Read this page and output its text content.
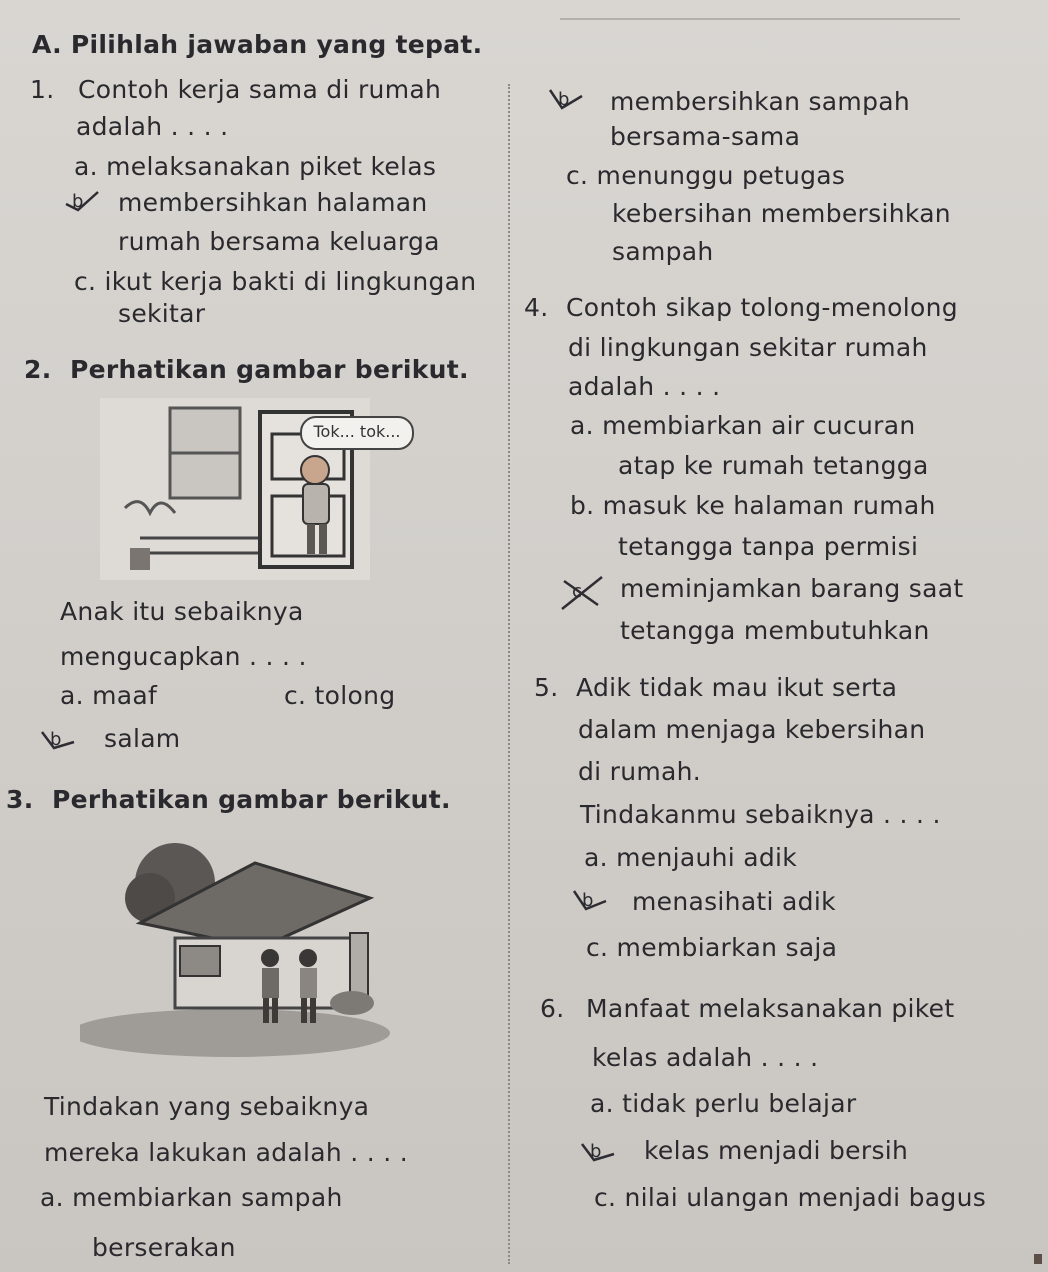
A. Pilihlah jawaban yang tepat.
1. Contoh kerja sama di rumah
adalah . . . .
a. melaksanakan piket kelas
b membersihkan halaman
rumah bersama keluarga
c. ikut kerja bakti di lingkungan
sekitar
2. Perhatikan gambar berikut.
Tok... tok...
Anak itu sebaiknya
mengucapkan . . . .
a. maaf	c. tolong
b salam
3. Perhatikan gambar berikut.
Tindakan yang sebaiknya
mereka lakukan adalah . . . .
a. membiarkan sampah
berserakan
b membersihkan sampah
bersama-sama
c. menunggu petugas
kebersihan membersihkan
sampah
4. Contoh sikap tolong-menolong
di lingkungan sekitar rumah
adalah . . . .
a. membiarkan air cucuran
atap ke rumah tetangga
b. masuk ke halaman rumah
tetangga tanpa permisi
c meminjamkan barang saat
tetangga membutuhkan
5. Adik tidak mau ikut serta
dalam menjaga kebersihan
di rumah.
Tindakanmu sebaiknya . . . .
a. menjauhi adik
b menasihati adik
c. membiarkan saja
6. Manfaat melaksanakan piket
kelas adalah . . . .
a. tidak perlu belajar
b kelas menjadi bersih
c. nilai ulangan menjadi bagus
